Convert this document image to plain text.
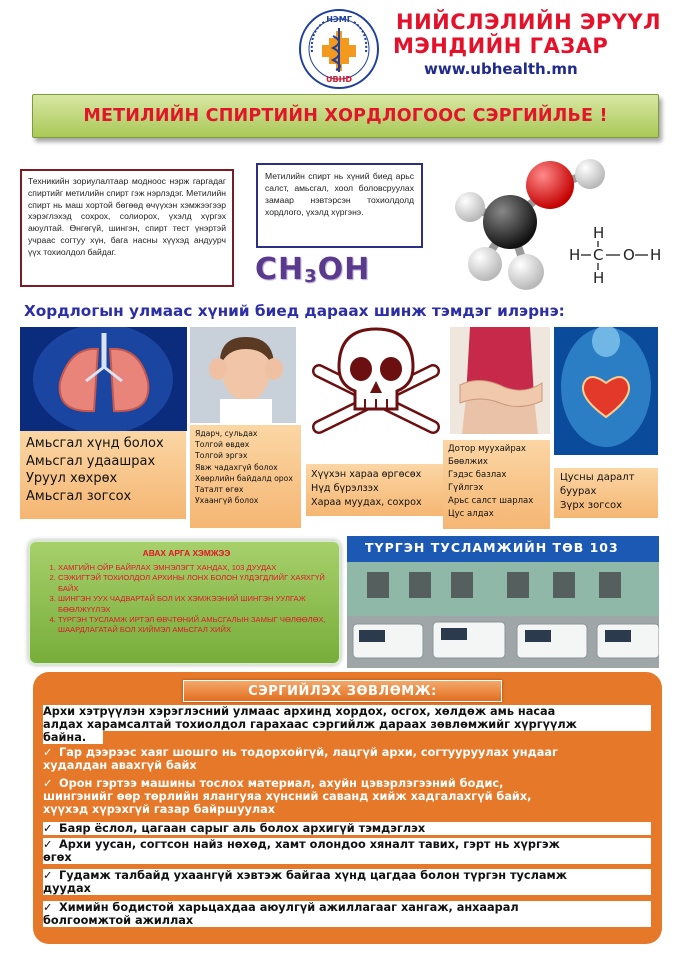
НЭМГ
UBHD
НИЙСЛЭЛИЙН ЭРҮҮЛ
МЭНДИЙН ГАЗАР
www.ubhealth.mn
МЕТИЛИЙН СПИРТИЙН ХОРДЛОГООС СЭРГИЙЛЬЕ !
Техникийн зориулалтаар модноос нэрж гаргадаг спиртийг метилийн спирт гэж нэрлэдэг. Метилийн спирт нь маш хортой бөгөөд өчүүхэн хэмжээгээр хэрэглэхэд сохрох, солиорох, үхэлд хүргэх аюултай. Өнгөгүй, шингэн, спирт тест үнэртэй учраас согтуу хүн, бага насны хүүхэд андуурч үүх тохиолдол байдаг.
Метилийн спирт нь хүний биед арьс салст, амьсгал, хоол боловсруулах замаар нэвтэрсэн тохиолдолд хордлого, үхэлд хүргэнэ.
$CH_3OH$
H
H C O H
H
Хордлогын улмаас хүний биед дараах шинж тэмдэг илэрнэ:
Амьсгал хүнд болох
Амьсгал удаашрах
Уруул хөхрөх
Амьсгал зогсох
Ядарч, сульдах
Толгой өвдөх
Толгой эргэх
Явж чадахгүй болох
Хөөрлийн байдалд орох
Таталт өгөх
Ухаангүй болох
Хүүхэн хараа өргөсөх
Нүд бүрэлзэх
Хараа муудах, сохрох
Дотор муухайрах
Бөөлжих
Гэдэс базлах
Гүйлгэх
Арьс салст шарлах
Цус алдах
Цусны даралт буурах
Зүрх зогсох
АВАХ АРГА ХЭМЖЭЭ
1. ХАМГИЙН ОЙР БАЙРЛАХ ЭМНЭЛЭГТ ХАНДАХ, 103 ДУУДАХ
2. СЭЖИГТЭЙ ТОХИОЛДОЛ АРХИНЫ ЛОНХ БОЛОН ҮЛДЭГДЛИЙГ ХАЯХГҮЙ БАЙХ
3. ШИНГЭН УУХ ЧАДВАРТАЙ БОЛ ИХ ХЭМЖЭЭНИЙ ШИНГЭН УУЛГАЖ БӨӨЛЖҮҮЛЭХ
4. ТҮРГЭН ТУСЛАМЖ ИРТЭЛ ӨВЧТӨНИЙ АМЬСГАЛЫН ЗАМЫГ ЧӨЛӨӨЛӨХ, ШААРДЛАГАТАЙ БОЛ ХИЙМЭЛ АМЬСГАЛ ХИЙХ
ТҮРГЭН ТУСЛАМЖИЙН ТӨВ 103
СЭРГИЙЛЭХ ЗӨВЛӨМЖ:
Архи хэтрүүлэн хэрэглэсний улмаас архинд хордох, осгох, хөлдөж амь насаа
алдах харамсалтай тохиолдол гарахаас сэргийлж дараах зөвлөмжийг хүргүүлж
байна.
✓ Гар дээрээс хаяг шошго нь тодорхойгүй, лацгүй архи, согтууруулах ундааг
худалдан авахгүй байх
✓ Орон гэртээ машины тослох материал, ахуйн цэвэрлэгээний бодис,
шингэнийг өөр төрлийн ялангуяа хүнсний саванд хийж хадгалахгүй байх,
хүүхэд хүрэхгүй газар байршуулах
✓ Баяр ёслол, цагаан сарыг аль болох архигүй тэмдэглэх
✓ Архи уусан, согтсон найз нөхөд, хамт олондоо хяналт тавих, гэрт нь хүргэж
өгөх
✓ Гудамж талбайд ухаангүй хэвтэж байгаа хүнд цагдаа болон түргэн тусламж
дуудах
✓ Химийн бодистой харьцахдаа аюулгүй ажиллагааг хангаж, анхаарал
болгоомжтой ажиллах
